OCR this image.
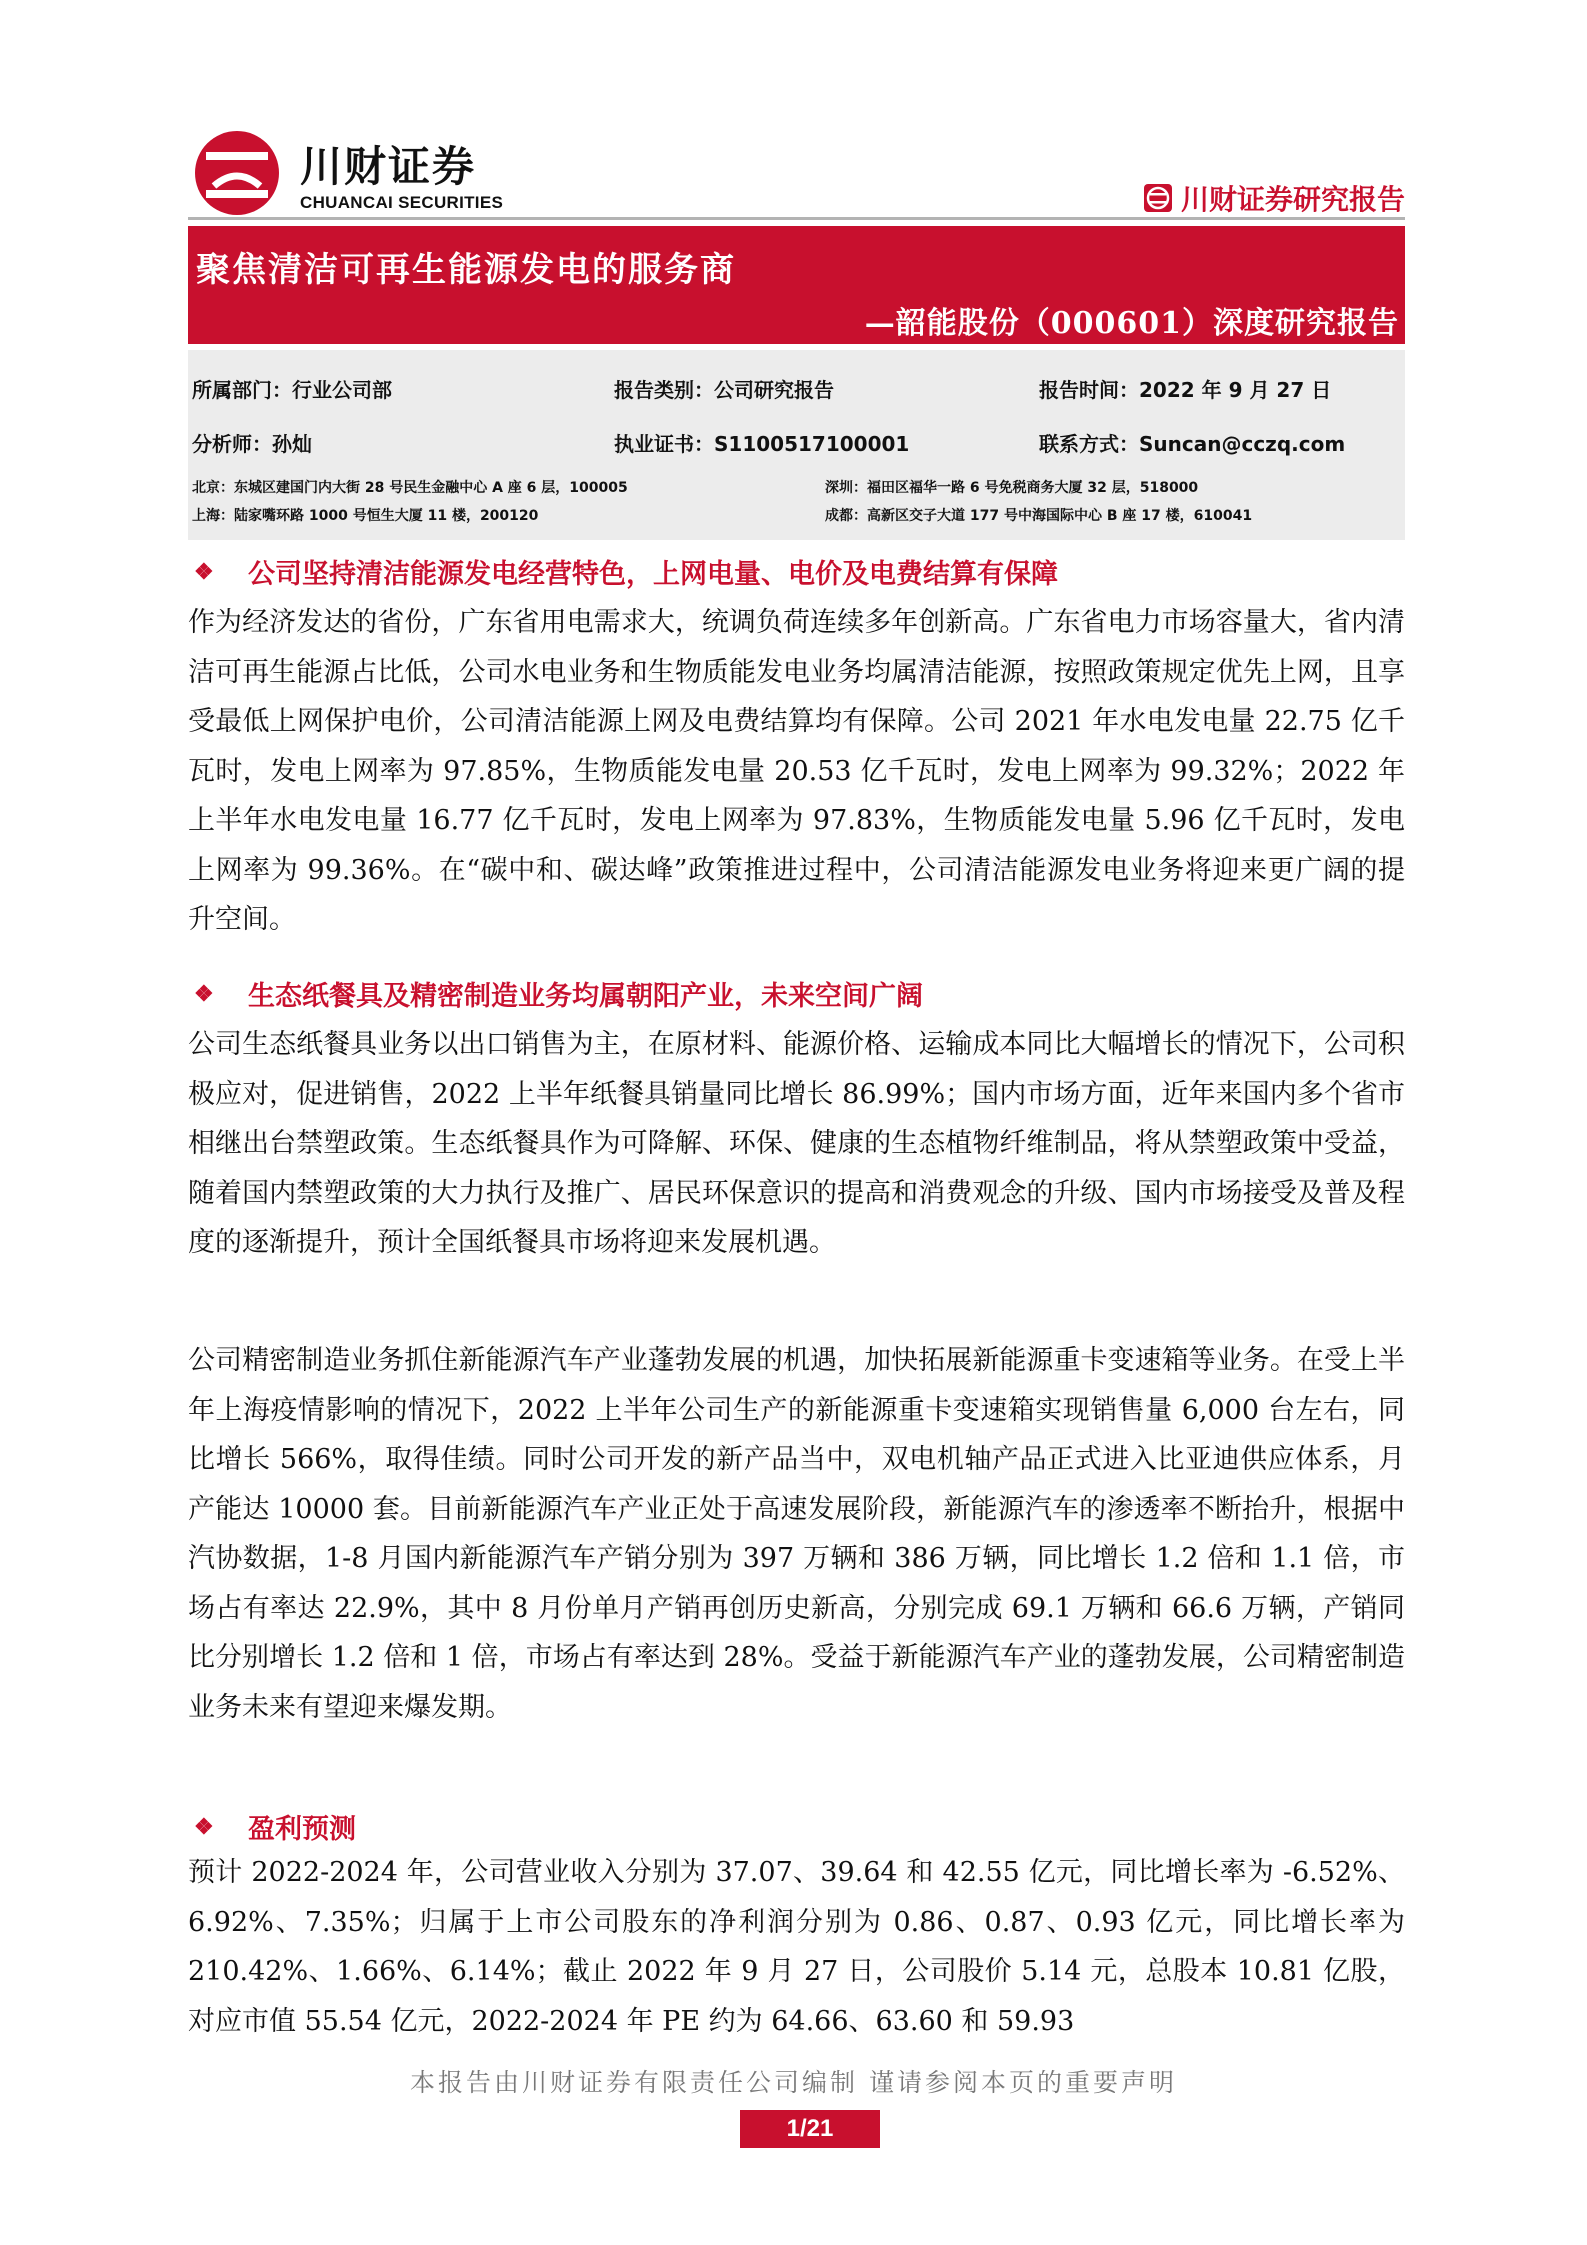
川财证券
CHUANCAI SECURITIES	川财证券研究报告
聚焦清洁可再生能源发电的服务商
—韶能股份（000601）深度研究报告
所属部门：行业公司部	报告类别：公司研究报告	报告时间：2022 年 9 月 27 日
分析师：孙灿	执业证书：S1100517100001	联系方式：Suncan@cczq.com
北京：东城区建国门内大街 28 号民生金融中心 A 座 6 层，100005	深圳：福田区福华一路 6 号免税商务大厦 32 层，518000
上海：陆家嘴环路 1000 号恒生大厦 11 楼，200120	成都：高新区交子大道 177 号中海国际中心 B 座 17 楼，610041
❖	公司坚持清洁能源发电经营特色，上网电量、电价及电费结算有保障
作为经济发达的省份，广东省用电需求大，统调负荷连续多年创新高。广东省电力市场容量大，省内清洁可再生能源占比低，公司水电业务和生物质能发电业务均属清洁能源，按照政策规定优先上网，且享受最低上网保护电价，公司清洁能源上网及电费结算均有保障。公司 2021 年水电发电量 22.75 亿千瓦时，发电上网率为 97.85%，生物质能发电量 20.53 亿千瓦时，发电上网率为 99.32%；2022 年上半年水电发电量 16.77 亿千瓦时，发电上网率为 97.83%，生物质能发电量 5.96 亿千瓦时，发电上网率为 99.36%。在“碳中和、碳达峰”政策推进过程中，公司清洁能源发电业务将迎来更广阔的提升空间。
❖	生态纸餐具及精密制造业务均属朝阳产业，未来空间广阔
公司生态纸餐具业务以出口销售为主，在原材料、能源价格、运输成本同比大幅增长的情况下，公司积极应对，促进销售，2022 上半年纸餐具销量同比增长 86.99%；国内市场方面，近年来国内多个省市相继出台禁塑政策。生态纸餐具作为可降解、环保、健康的生态植物纤维制品，将从禁塑政策中受益，随着国内禁塑政策的大力执行及推广、居民环保意识的提高和消费观念的升级、国内市场接受及普及程度的逐渐提升，预计全国纸餐具市场将迎来发展机遇。
公司精密制造业务抓住新能源汽车产业蓬勃发展的机遇，加快拓展新能源重卡变速箱等业务。在受上半年上海疫情影响的情况下，2022 上半年公司生产的新能源重卡变速箱实现销售量 6,000 台左右，同比增长 566%，取得佳绩。同时公司开发的新产品当中，双电机轴产品正式进入比亚迪供应体系，月产能达 10000 套。目前新能源汽车产业正处于高速发展阶段，新能源汽车的渗透率不断抬升，根据中汽协数据，1-8 月国内新能源汽车产销分别为 397 万辆和 386 万辆，同比增长 1.2 倍和 1.1 倍，市场占有率达 22.9%，其中 8 月份单月产销再创历史新高，分别完成 69.1 万辆和 66.6 万辆，产销同比分别增长 1.2 倍和 1 倍，市场占有率达到 28%。受益于新能源汽车产业的蓬勃发展，公司精密制造业务未来有望迎来爆发期。
❖	盈利预测
预计 2022-2024 年，公司营业收入分别为 37.07、39.64 和 42.55 亿元，同比增长率为 -6.52%、6.92%、7.35%；归属于上市公司股东的净利润分别为 0.86、0.87、0.93 亿元，同比增长率为 210.42%、1.66%、6.14%；截止 2022 年 9 月 27 日，公司股价 5.14 元，总股本 10.81 亿股，对应市值 55.54 亿元，2022-2024 年 PE 约为 64.66、63.60 和 59.93
本报告由川财证券有限责任公司编制 谨请参阅本页的重要声明
1/21
